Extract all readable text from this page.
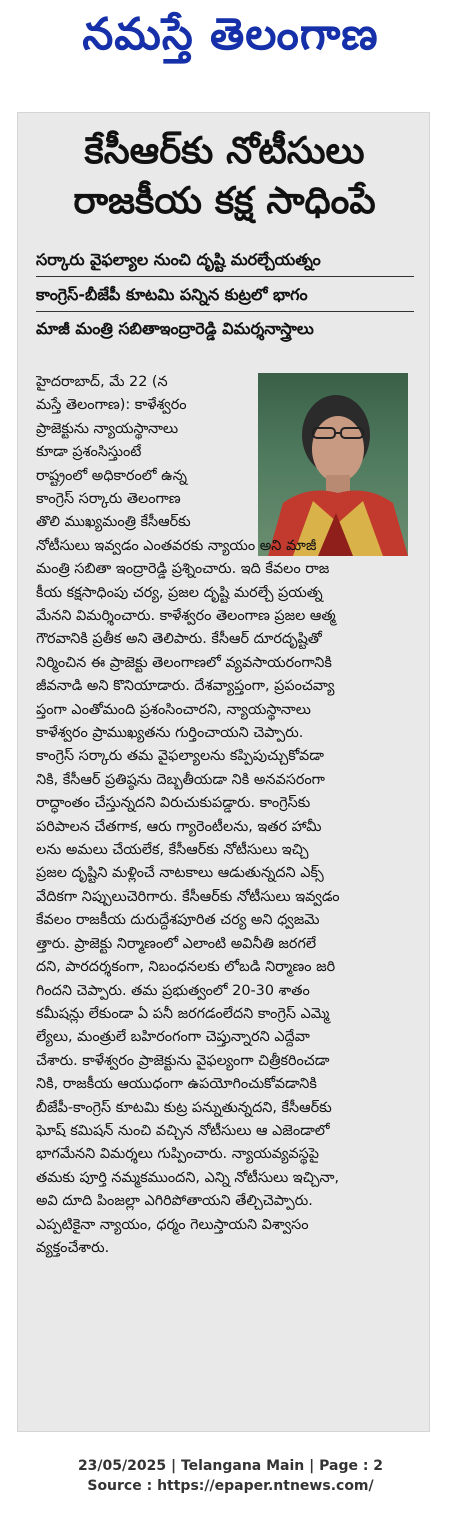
నమస్తే తెలంగాణ
కేసీఆర్‌కు నోటీసులు
రాజకీయ కక్ష సాధింపే
సర్కారు వైఫల్యాల నుంచి దృష్టి మరల్చేయత్నం
కాంగ్రెస్‌-బీజేపీ కూటమి పన్నిన కుట్రలో భాగం
మాజీ మంత్రి సబితాఇంద్రారెడ్డి విమర్శనాస్త్రాలు
హైదరాబాద్‌, మే 22 (న
మస్తే తెలంగాణ): కాళేశ్వరం
ప్రాజెక్టును న్యాయస్థానాలు
కూడా ప్రశంసిస్తుంటే
రాష్ట్రంలో అధికారంలో ఉన్న
కాంగ్రెస్‌ సర్కారు తెలంగాణ
తొలి ముఖ్యమంత్రి కేసీఆర్‌కు
నోటీసులు ఇవ్వడం ఎంతవరకు న్యాయం అని మాజీ
మంత్రి సబితా ఇంద్రారెడ్డి ప్రశ్నించారు. ఇది కేవలం రాజ
కీయ కక్షసాధింపు చర్య, ప్రజల దృష్టి మరల్చే ప్రయత్న
మేనని విమర్శించారు. కాళేశ్వరం తెలంగాణ ప్రజల ఆత్మ
గౌరవానికి ప్రతీక అని తెలిపారు. కేసీఆర్‌ దూరదృష్టితో
నిర్మించిన ఈ ప్రాజెక్టు తెలంగాణలో వ్యవసాయరంగానికి
జీవనాడి అని కొనియాడారు. దేశవ్యాప్తంగా, ప్రపంచవ్యా
ప్తంగా ఎంతోమంది ప్రశంసించారని, న్యాయస్థానాలు
కాళేశ్వరం ప్రాముఖ్యతను గుర్తించాయని చెప్పారు.
కాంగ్రెస్‌ సర్కారు తమ వైఫల్యాలను కప్పిపుచ్చుకోవడా
నికి, కేసీఆర్‌ ప్రతిష్ఠను దెబ్బతీయడా నికి అనవసరంగా
రాద్ధాంతం చేస్తున్నదని విరుచుకుపడ్డారు. కాంగ్రెస్‌కు
పరిపాలన చేతగాక, ఆరు గ్యారెంటీలను, ఇతర హామీ
లను అమలు చేయలేక, కేసీఆర్‌కు నోటీసులు ఇచ్చి
ప్రజల దృష్టిని మళ్లించే నాటకాలు ఆడుతున్నదని ఎక్స్‌
వేదికగా నిప్పులుచెరిగారు. కేసీఆర్‌కు నోటీసులు ఇవ్వడం
కేవలం రాజకీయ దురుద్దేశపూరిత చర్య అని ధ్వజమె
త్తారు. ప్రాజెక్టు నిర్మాణంలో ఎలాంటి అవినీతి జరగలే
దని, పారదర్శకంగా, నిబంధనలకు లోబడి నిర్మాణం జరి
గిందని చెప్పారు. తమ ప్రభుత్వంలో 20-30 శాతం
కమీషన్లు లేకుండా ఏ పనీ జరగడంలేదని కాంగ్రెస్‌ ఎమ్మె
ల్యేలు, మంత్రులే బహిరంగంగా చెప్తున్నారని ఎద్దేవా
చేశారు. కాళేశ్వరం ప్రాజెక్టును వైఫల్యంగా చిత్రీకరించడా
నికి, రాజకీయ ఆయుధంగా ఉపయోగించుకోవడానికి
బీజేపీ-కాంగ్రెస్‌ కూటమి కుట్ర పన్నుతున్నదని, కేసీఆర్‌కు
ఘోష్‌ కమిషన్‌ నుంచి వచ్చిన నోటీసులు ఆ ఎజెండాలో
భాగమేనని విమర్శలు గుప్పించారు. న్యాయవ్యవస్థపై
తమకు పూర్తి నమ్మకముందని, ఎన్ని నోటీసులు ఇచ్చినా,
అవి దూది పింజల్లా ఎగిరిపోతాయని తేల్చిచెప్పారు.
ఎప్పటికైనా న్యాయం, ధర్మం గెలుస్తాయని విశ్వాసం
వ్యక్తంచేశారు.
23/05/2025 | Telangana Main | Page : 2
Source : https://epaper.ntnews.com/
